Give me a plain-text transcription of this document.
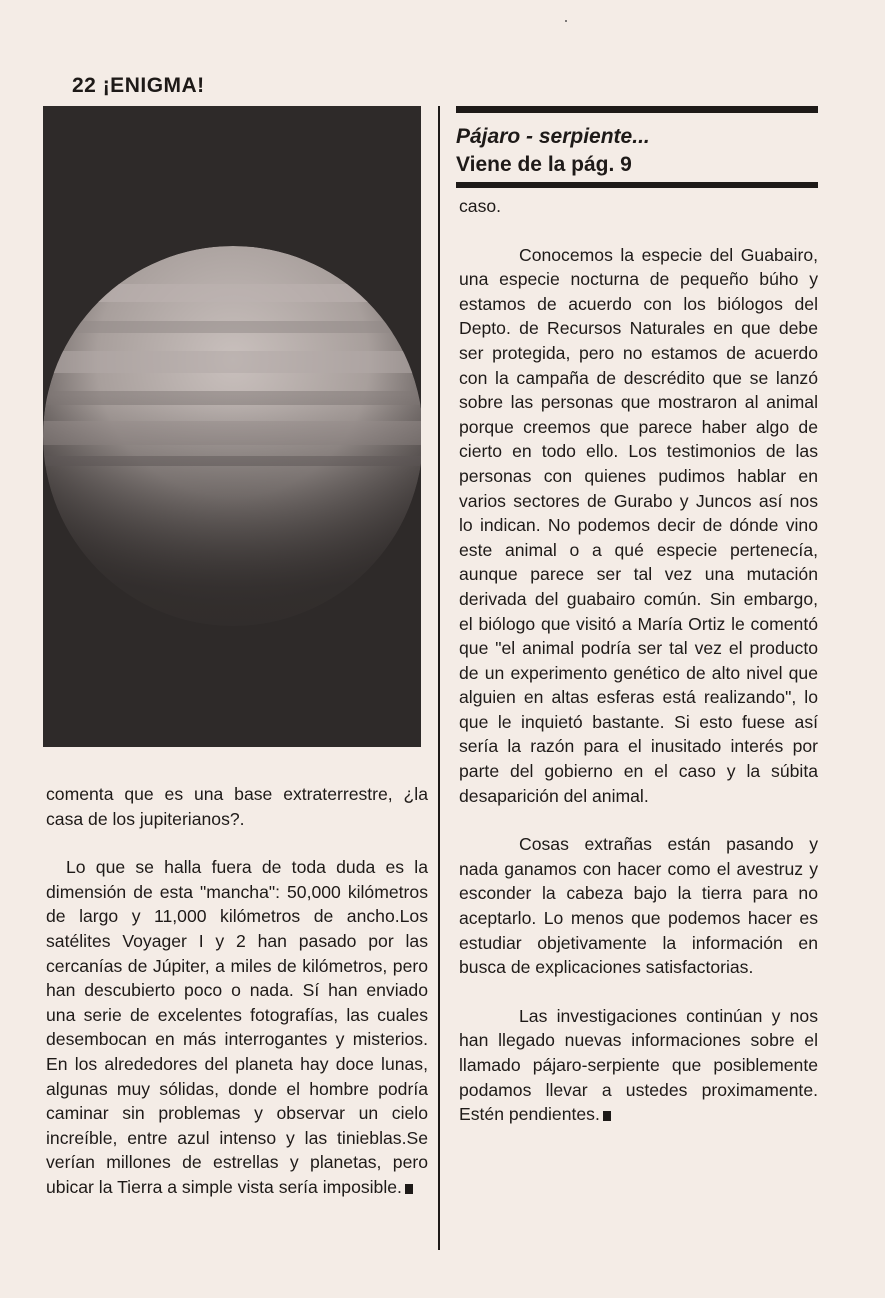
22 ¡ENIGMA!

comenta que es una base extraterrestre, ¿la casa de los jupiterianos?.

Lo que se halla fuera de toda duda es la dimensión de esta "mancha": 50,000 kilómetros de largo y 11,000 kilómetros de ancho.Los satélites Voyager I y 2 han pasado por las cercanías de Júpiter, a miles de kilómetros, pero han descubierto poco o nada. Sí han enviado una serie de excelentes fotografías, las cuales desembocan en más interrogantes y misterios. En los alrededores del planeta hay doce lunas, algunas muy sólidas, donde el hombre podría caminar sin problemas y observar un cielo increíble, entre azul intenso y las tinieblas.Se verían millones de estrellas y planetas, pero ubicar la Tierra a simple vista sería imposible.

Pájaro - serpiente...
Viene de la pág. 9

caso.

Conocemos la especie del Guabairo, una especie nocturna de pequeño búho y estamos de acuerdo con los biólogos del Depto. de Recursos Naturales en que debe ser protegida, pero no estamos de acuerdo con la campaña de descrédito que se lanzó sobre las personas que mostraron al animal porque creemos que parece haber algo de cierto en todo ello. Los testimonios de las personas con quienes pudimos hablar en varios sectores de Gurabo y Juncos así nos lo indican. No podemos decir de dónde vino este animal o a qué especie pertenecía, aunque parece ser tal vez una mutación derivada del guabairo común. Sin embargo, el biólogo que visitó a María Ortiz le comentó que "el animal podría ser tal vez el producto de un experimento genético de alto nivel que alguien en altas esferas está realizando", lo que le inquietó bastante. Si esto fuese así sería la razón para el inusitado interés por parte del gobierno en el caso y la súbita desaparición del animal.

Cosas extrañas están pasando y nada ganamos con hacer como el avestruz y esconder la cabeza bajo la tierra para no aceptarlo. Lo menos que podemos hacer es estudiar objetivamente la información en busca de explicaciones satisfactorias.

Las investigaciones continúan y nos han llegado nuevas informaciones sobre el llamado pájaro-serpiente que posiblemente podamos llevar a ustedes proximamente. Estén pendientes.
